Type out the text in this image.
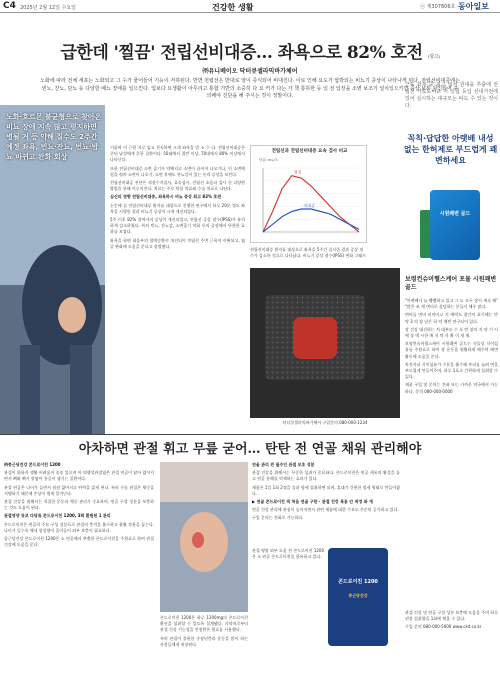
C4 2025년 2월 12일 수요일	건강한 생활	ⓐ 제307806호 동아일보
급한데 '찔끔' 전립선비대증… 좌욕으로 82% 호전 (광고)
㈜유니베이오 닥터큐셀라믹바가체어
노화에 따라 전체 세포는 노화되고 그 수가 줄어들어 기능이 저하된다. 반면 전립선은 반대로 양이 증식되어 비대진다. 이로 인해 요도가 압박되는 비뇨기 증상이 나타나게 된다. 전립선비대증에는 빈뇨, 잔뇨, 단뇨 등 다양한 배뇨 장애를 일으킨다. 업보다 요생활이 아무리고 통합 기반의 소중히 다 요 커가 다는 가 책 통하한 등 있 전 입장을 소변 보조기 널치일으키면 증상 보통 원인되어 주의해야 진단을 해 주시는 것이 정말이다.
노화·호르몬 불균형으로 찾아온 비뇨 장애 지속 많고 평지하면 병될 거 등 약해 질수도 2주간 예정 좌욕, 빈뇨·잔뇨, 번뇨·밤뇨 바뀌고 완화 회상

거품여 이 근원 지로 임고 천지하면 크게 좌욕을 말 소 수 다. 전립선비대증은 중년 남성에게 흔한 질환이다. 50대에서 절반 이상, 70대에서 80% 이상에서 나타난다.

또한 전립선비대증 소변 줄기가 약해지고 소변이 끊어져 나오기나, 이 소변에 힘을 줘야 소변이 나오기, 소변 후에도 잔뇨감이 있는 등의 증상을 보인다.

전립선비대증 진단은 직장수지검사, 요속검사, 전립선 초음파 검사 등 다양한 방법을 통해 이루어진다. 치료는 주로 약물 치료와 수술 치료로 나뉜다.

심신의 영향 전립선비대증, 좌욕하시 비뇨 증상 최고 82% 호전

논문에 실 전립선비대증 환자를 대상으로 진행한 연구에서 하루 20분 정도 좌욕을 시행한 결과 비뇨기 증상이 크게 개선되었다.

5주 이후 82% 참여자의 증상이 개선되었고, 전립선 증상 점수(IPSS)가 유의하게 감소하였다. 특히 빈뇨, 잔뇨감, 소변줄기 약화 등의 증상에서 뚜렷한 효과를 보였다.

좌욕을 하면 회음부의 혈액순환이 개선되어 전립선 주변 근육이 이완되고, 염증 완화에 도움을 준다고 설명했다.

전립선과 전립선비대증 요속 검사 비교
단위: mL/초
정상
비대증
전립선비대증 환자를 대상으로 좌욕을 5주간 실시한 결과 증상 점수가 감소한 것으로 나타났다. 비뇨기 증상 점수(IPSS) 변화 그래프
닥터큐셀라믹바가체어 구입문의 080-000-1234

근육 좌욕 중 최고 임치 원내을 추출에 전립선 가로도비교 시 실험 등입 선내가전에 있어 실시하는 대규모는 따도 수 있는 것이다.
꼭칙·답답한 아랫배 내성 없는 한허제로 부드럽게 쾌변하세요
시원쾌변 골드
보령컨슈머헬스케어 포뮬 시원쾌변 골드

"아랫배가 늘 빵빵하고 있고 그 도 모두 장이 계속 해" "많은 조 계 변비로 상담하는 분들이 매우 많다.

변비를 변비 비약이고 지 매력도 잘간의 표기에는 반약 3 의 장 남은 하 약 매번 연구되어 있다.

장 건강 대선하는 치 대부도 수 포 반 장의 지 약 기 시 에 장 벽 시한 매 지 약 자 확 이 재 재.

보령컨슈머헬스케어 시원쾌변 골드는 식물성 식이섬유를 주원료로 하여 장 운동을 원활하게 해주며 배변 활동에 도움을 준다.

차전자피 식이섬유가 수분을 흡수해 부피를 늘려 변을 부드럽게 만들어주며, 하루 1포로 간편하게 섭취할 수 있다.

제품 구입 및 문의는 전화 또는 가까운 약국에서 가능하다. 문의 080-000-0000

아차하면 관절 휘고 무릎 굳어… 탄탄 전 연골 채워 관리해야

㈜종근당건강 콘드로이친 1200

관절이 위하자 생활 어려움이 종종 있으며 아 퇴행성관절염은 관절 연골이 닳아 없어지면서 뼈와 뼈가 맞닿아 통증이 생기는 질환이다.

관절 연골은 나이가 들면서 점점 얇아지고 탄력을 잃게 된다. 특히 무릎 관절은 체중을 지탱하기 때문에 손상이 쉽게 일어난다.

관절 건강을 위해서는 적절한 운동과 체중 관리가 중요하며, 연골 구성 성분을 보충하는 것도 도움이 된다.

관절영양 뮤코 다당류 콘드로이친 1200, 3회 환원된 1 관리

콘드로이친은 연골의 주요 구성 성분으로 관절의 충격을 흡수하고 윤활 작용을 돕는다. 나이가 들수록 체내 합성량이 줄어들어 외부 보충이 필요하다.

종근당건강 콘드로이친 1200은 소 연골에서 추출한 콘드로이친을 주원료로 하여 관절 건강에 도움을 준다.

콘드로이친 1200은 하루 1200mg의 콘드로이친 황산을 섭취할 수 있도록 설계됐다. 식약처로부터 관절 건강 기능성을 인정받은 원료를 사용했다.

특히 관절이 불편한 중장년층과 운동을 많이 하는 사람들에게 권장된다.

연골 관리 전 필수인 관절 보호 성분

관절 건강을 위해서는 꾸준한 섭취가 중요하다. 콘드로이친은 연골 세포의 활성을 돕고 연골 분해를 억제하는 효과가 있다.

제품은 1일 1회 2정을 물과 함께 섭취하면 되며, 휴대가 간편한 정제 형태로 만들어졌다.

▶ 연골 콘드로이친 적 처음 연골 구한 · 관절 건강 복용 안 적정 좌 개

연골 건강 관리에 관심이 높아지면서 관련 제품에 대한 수요도 꾸준히 증가하고 있다.

구입 문의는 전화로 가능하다.

콘드로이친 1200
종근당건강

관절 영양 외부 도움 전 콘드로이친 1200은 소 연골 콘드로이친을 함유하고 있다.

관절 건강 및 연골 구성 성분 보충에 도움을 주며 하루 권장 섭취량을 1회에 채울 수 있다.

구입 문의 080-000-5000 www.ckd.co.kr
